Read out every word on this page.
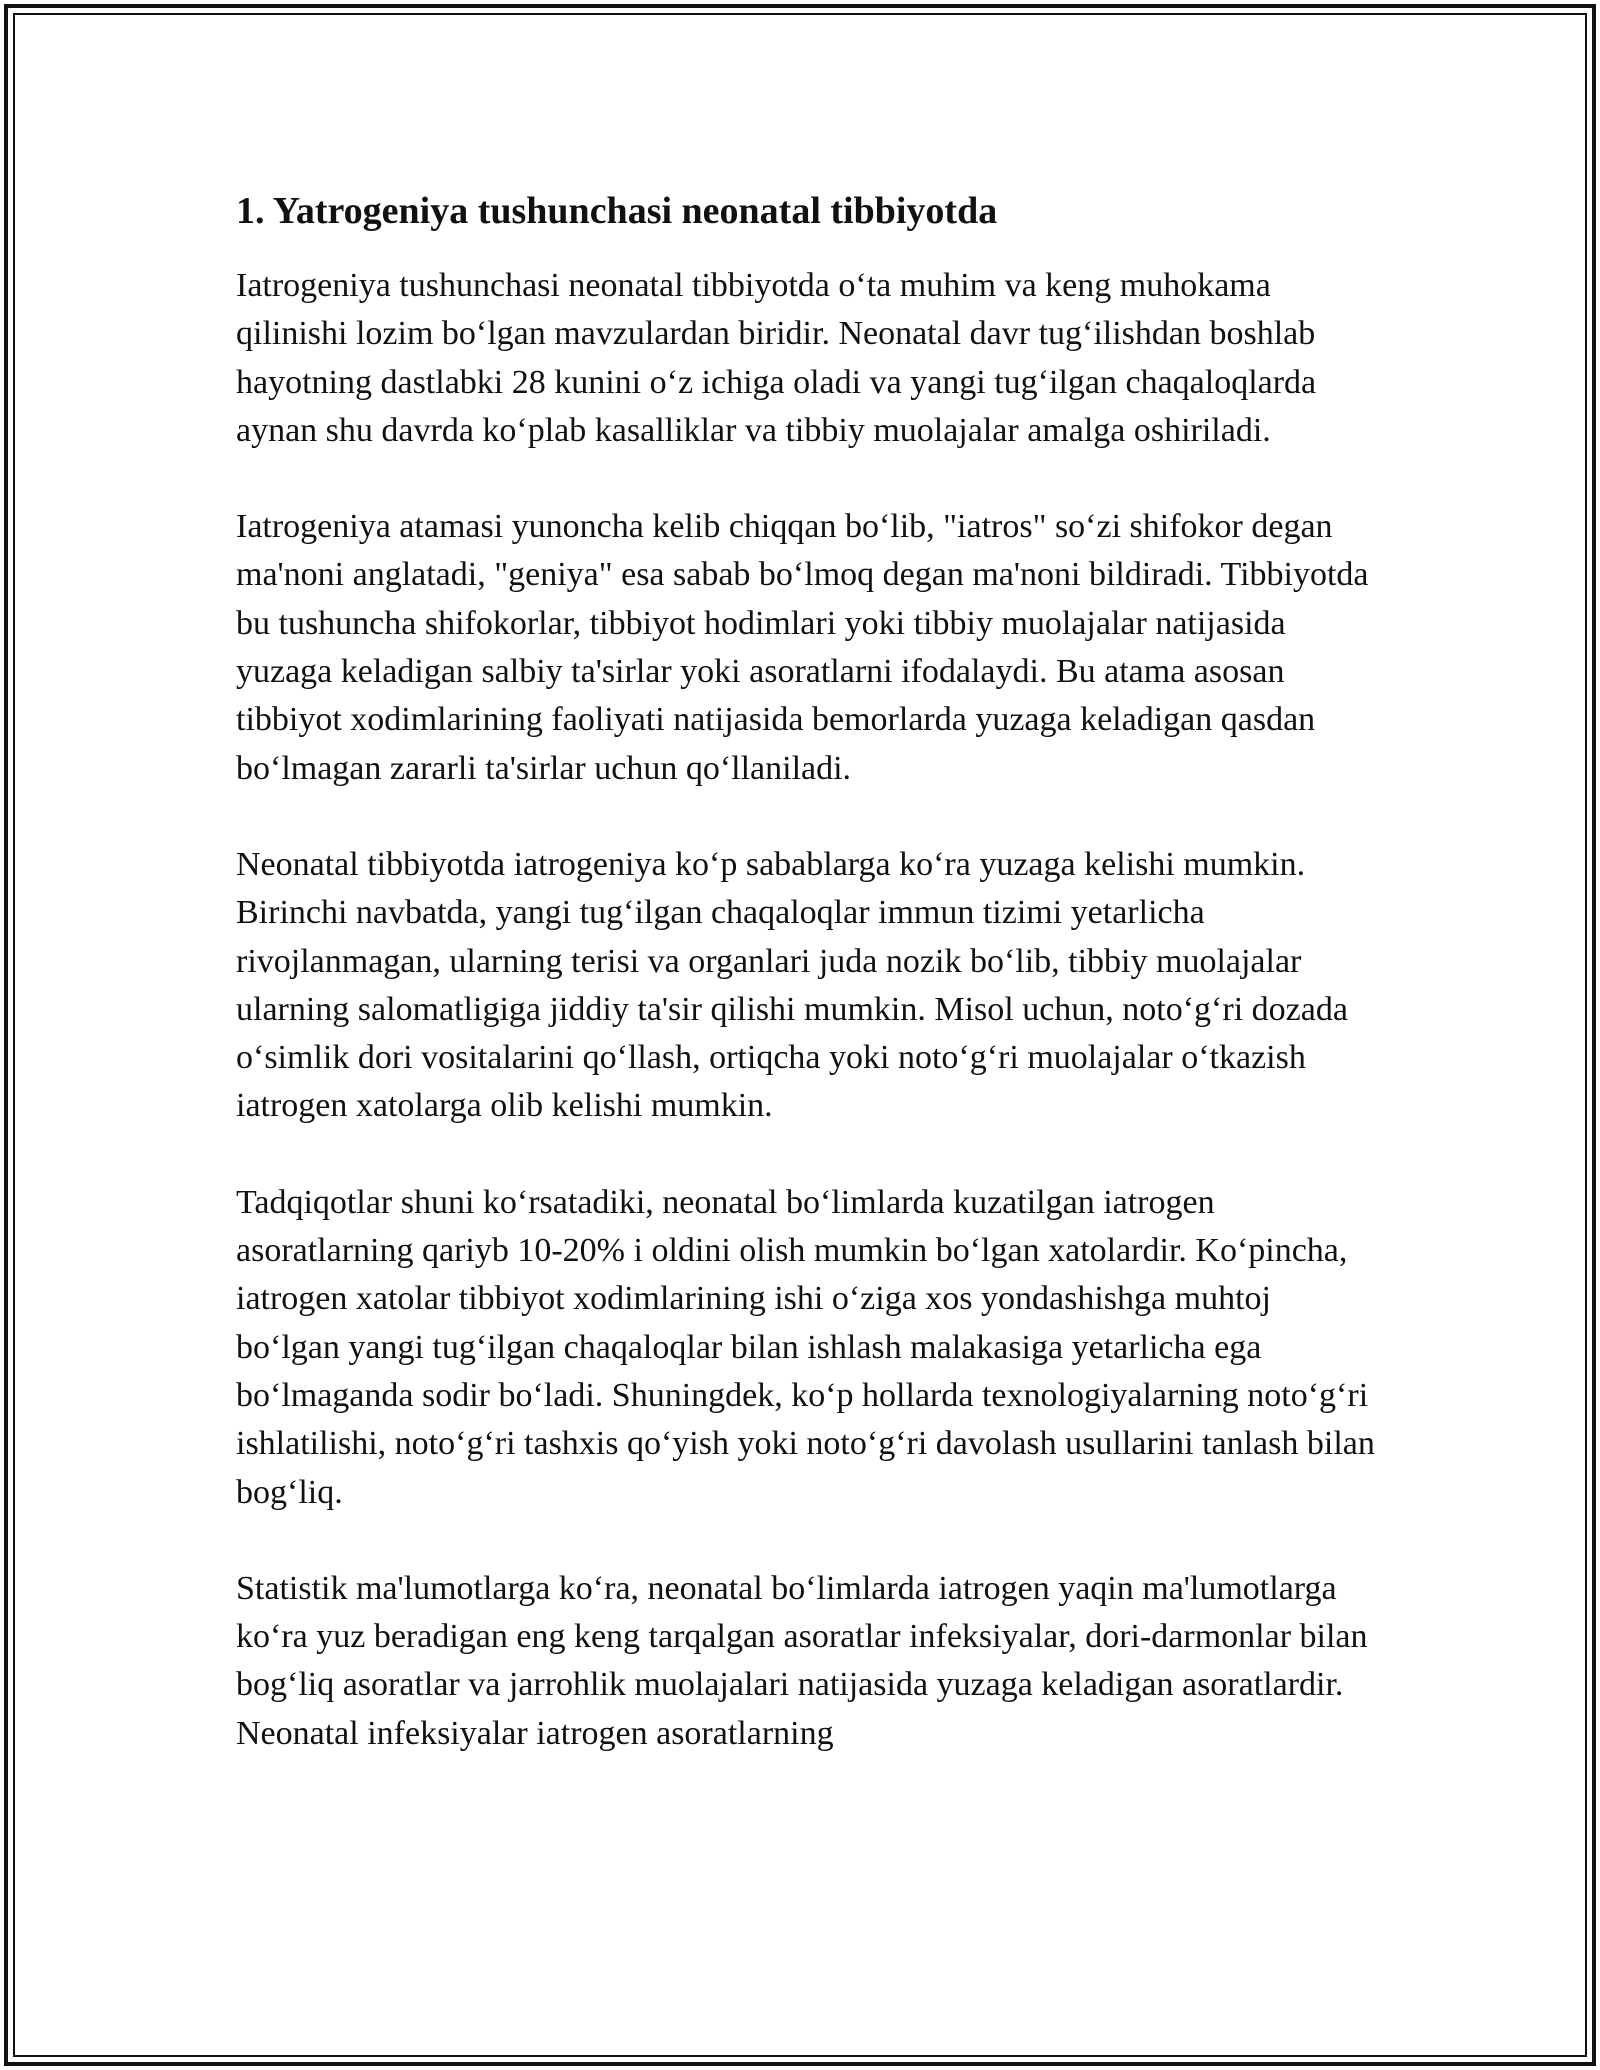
1. Yatrogeniya tushunchasi neonatal tibbiyotda

Iatrogeniya tushunchasi neonatal tibbiyotda o‘ta muhim va keng muhokama qilinishi lozim bo‘lgan mavzulardan biridir. Neonatal davr tug‘ilishdan boshlab hayotning dastlabki 28 kunini o‘z ichiga oladi va yangi tug‘ilgan chaqaloqlarda aynan shu davrda ko‘plab kasalliklar va tibbiy muolajalar amalga oshiriladi.

Iatrogeniya atamasi yunoncha kelib chiqqan bo‘lib, "iatros" so‘zi shifokor degan ma'noni anglatadi, "geniya" esa sabab bo‘lmoq degan ma'noni bildiradi. Tibbiyotda bu tushuncha shifokorlar, tibbiyot hodimlari yoki tibbiy muolajalar natijasida yuzaga keladigan salbiy ta'sirlar yoki asoratlarni ifodalaydi. Bu atama asosan tibbiyot xodimlarining faoliyati natijasida bemorlarda yuzaga keladigan qasdan bo‘lmagan zararli ta'sirlar uchun qo‘llaniladi.

Neonatal tibbiyotda iatrogeniya ko‘p sabablarga ko‘ra yuzaga kelishi mumkin. Birinchi navbatda, yangi tug‘ilgan chaqaloqlar immun tizimi yetarlicha rivojlanmagan, ularning terisi va organlari juda nozik bo‘lib, tibbiy muolajalar ularning salomatligiga jiddiy ta'sir qilishi mumkin. Misol uchun, noto‘g‘ri dozada o‘simlik dori vositalarini qo‘llash, ortiqcha yoki noto‘g‘ri muolajalar o‘tkazish iatrogen xatolarga olib kelishi mumkin.

Tadqiqotlar shuni ko‘rsatadiki, neonatal bo‘limlarda kuzatilgan iatrogen asoratlarning qariyb 10-20% i oldini olish mumkin bo‘lgan xatolardir. Ko‘pincha, iatrogen xatolar tibbiyot xodimlarining ishi o‘ziga xos yondashishga muhtoj bo‘lgan yangi tug‘ilgan chaqaloqlar bilan ishlash malakasiga yetarlicha ega bo‘lmaganda sodir bo‘ladi. Shuningdek, ko‘p hollarda texnologiyalarning noto‘g‘ri ishlatilishi, noto‘g‘ri tashxis qo‘yish yoki noto‘g‘ri davolash usullarini tanlash bilan bog‘liq.

Statistik ma'lumotlarga ko‘ra, neonatal bo‘limlarda iatrogen yaqin ma'lumotlarga ko‘ra yuz beradigan eng keng tarqalgan asoratlar infeksiyalar, dori-darmonlar bilan bog‘liq asoratlar va jarrohlik muolajalari natijasida yuzaga keladigan asoratlardir. Neonatal infeksiyalar iatrogen asoratlarning
